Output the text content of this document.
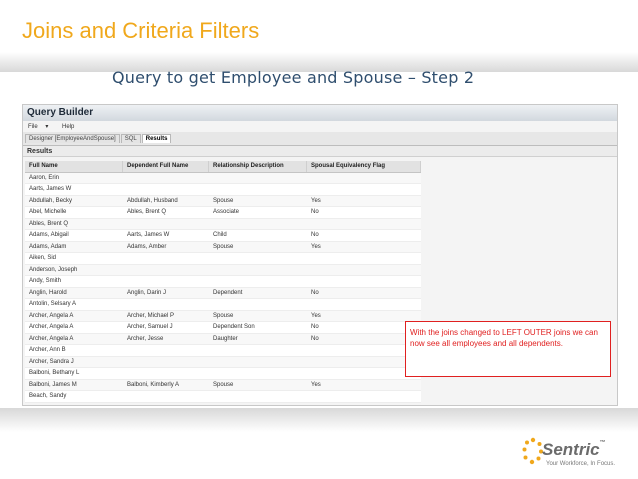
Joins and Criteria Filters
Query to get Employee and Spouse – Step 2
Query Builder
File ▾ Help
Designer [EmployeeAndSpouse] SQL Results
Results
Full Name	Dependent Full Name	Relationship Description	Spousal Equivalency Flag
Aaron, Erin
Aarts, James W
Abdullah, Becky	Abdullah, Husband	Spouse	Yes
Abel, Michelle	Ables, Brent Q	Associate	No
Ables, Brent Q
Adams, Abigail	Aarts, James W	Child	No
Adams, Adam	Adams, Amber	Spouse	Yes
Aiken, Sid
Anderson, Joseph
Andy, Smith
Anglin, Harold	Anglin, Darin J	Dependent	No
Antolin, Selsary A
Archer, Angela A	Archer, Michael P	Spouse	Yes
Archer, Angela A	Archer, Samuel J	Dependent Son	No
Archer, Angela A	Archer, Jesse	Daughter	No
Archer, Ann B
Archer, Sandra J
Balboni, Bethany L
Balboni, James M	Balboni, Kimberly A	Spouse	Yes
Beach, Sandy
With the joins changed to LEFT OUTER joins we can now see all employees and all dependents.
Sentric™
Your Workforce, In Focus.
